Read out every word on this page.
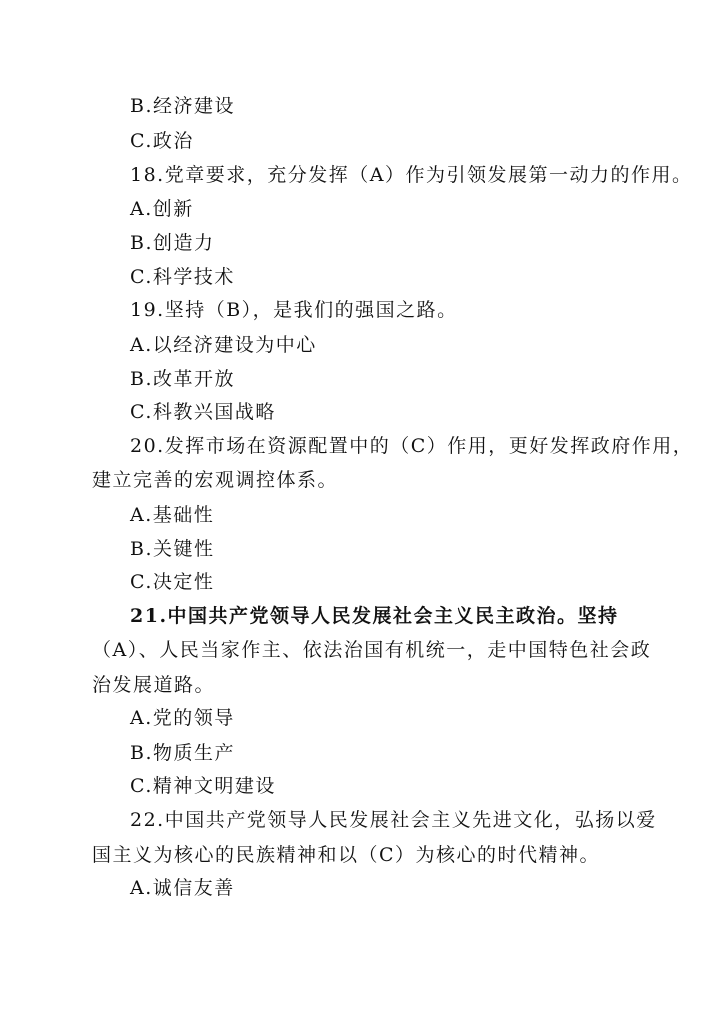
B.经济建设
C.政治
18.党章要求，充分发挥（A）作为引领发展第一动力的作用。
A.创新
B.创造力
C.科学技术
19.坚持（B），是我们的强国之路。
A.以经济建设为中心
B.改革开放
C.科教兴国战略
20.发挥市场在资源配置中的（C）作用，更好发挥政府作用，
建立完善的宏观调控体系。
A.基础性
B.关键性
C.决定性
21.中国共产党领导人民发展社会主义民主政治。坚持
（A）、人民当家作主、依法治国有机统一，走中国特色社会政
治发展道路。
A.党的领导
B.物质生产
C.精神文明建设
22.中国共产党领导人民发展社会主义先进文化，弘扬以爱
国主义为核心的民族精神和以（C）为核心的时代精神。
A.诚信友善
